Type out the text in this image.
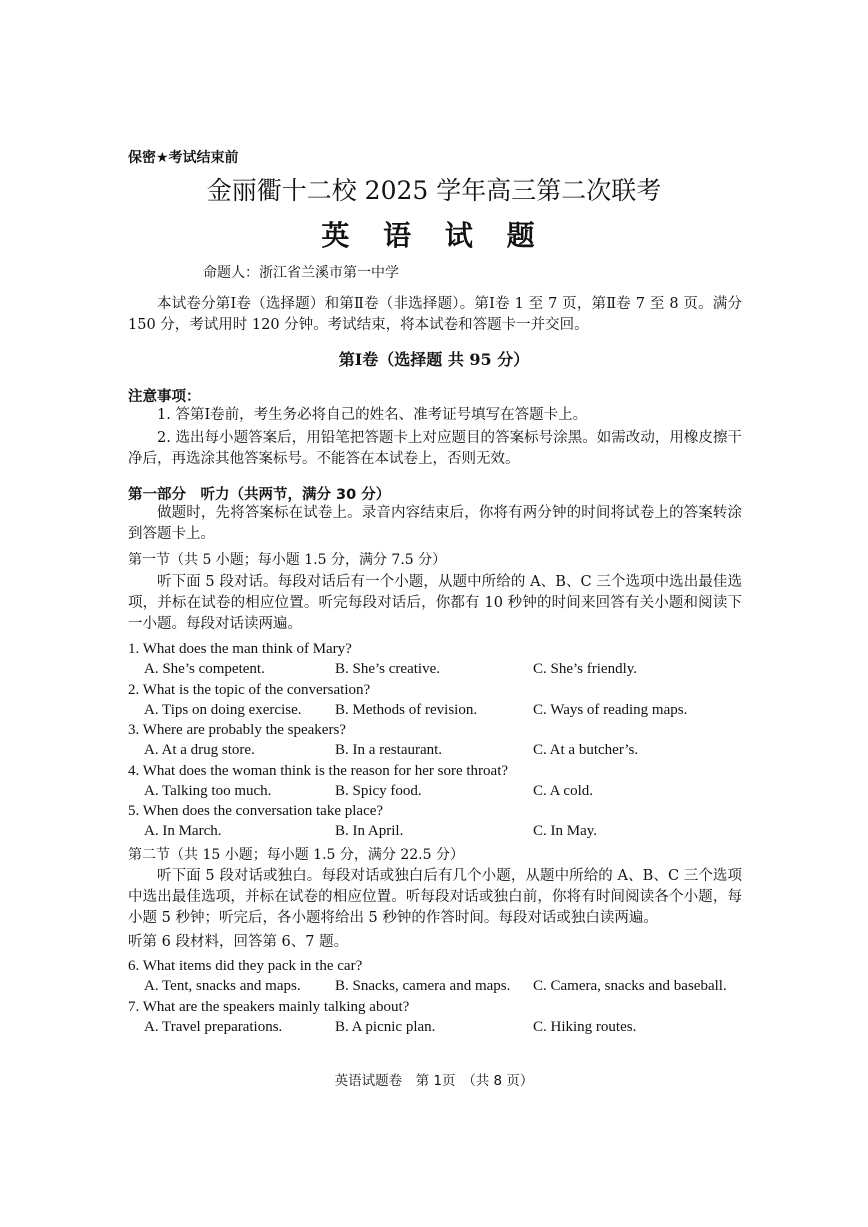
保密★考试结束前
金丽衢十二校 2025 学年高三第二次联考
英 语 试 题
命题人：浙江省兰溪市第一中学
本试卷分第Ⅰ卷（选择题）和第Ⅱ卷（非选择题）。第Ⅰ卷 1 至 7 页，第Ⅱ卷 7 至 8 页。满分 150 分，考试用时 120 分钟。考试结束，将本试卷和答题卡一并交回。
第Ⅰ卷（选择题 共 95 分）
注意事项：
1. 答第Ⅰ卷前，考生务必将自己的姓名、准考证号填写在答题卡上。
2. 选出每小题答案后，用铅笔把答题卡上对应题目的答案标号涂黑。如需改动，用橡皮擦干净后，再选涂其他答案标号。不能答在本试卷上，否则无效。
第一部分　听力（共两节，满分 30 分）
做题时，先将答案标在试卷上。录音内容结束后，你将有两分钟的时间将试卷上的答案转涂到答题卡上。
第一节（共 5 小题；每小题 1.5 分，满分 7.5 分）
听下面 5 段对话。每段对话后有一个小题，从题中所给的 A、B、C 三个选项中选出最佳选项，并标在试卷的相应位置。听完每段对话后，你都有 10 秒钟的时间来回答有关小题和阅读下一小题。每段对话读两遍。
1. What does the man think of Mary?
A. She’s competent.	B. She’s creative.	C. She’s friendly.
2. What is the topic of the conversation?
A. Tips on doing exercise. B. Methods of revision.	C. Ways of reading maps.
3. Where are probably the speakers?
A. At a drug store.	B. In a restaurant.	C. At a butcher’s.
4. What does the woman think is the reason for her sore throat?
A. Talking too much.	B. Spicy food.	C. A cold.
5. When does the conversation take place?
A. In March.	B. In April.	C. In May.
第二节（共 15 小题；每小题 1.5 分，满分 22.5 分）
听下面 5 段对话或独白。每段对话或独白后有几个小题，从题中所给的 A、B、C 三个选项中选出最佳选项，并标在试卷的相应位置。听每段对话或独白前，你将有时间阅读各个小题，每小题 5 秒钟；听完后，各小题将给出 5 秒钟的作答时间。每段对话或独白读两遍。
听第 6 段材料，回答第 6、7 题。
6. What items did they pack in the car?
A. Tent, snacks and maps. B. Snacks, camera and maps. C. Camera, snacks and baseball.
7. What are the speakers mainly talking about?
A. Travel preparations.	B. A picnic plan.	C. Hiking routes.
英语试题卷　第 1页　（共 8 页）
